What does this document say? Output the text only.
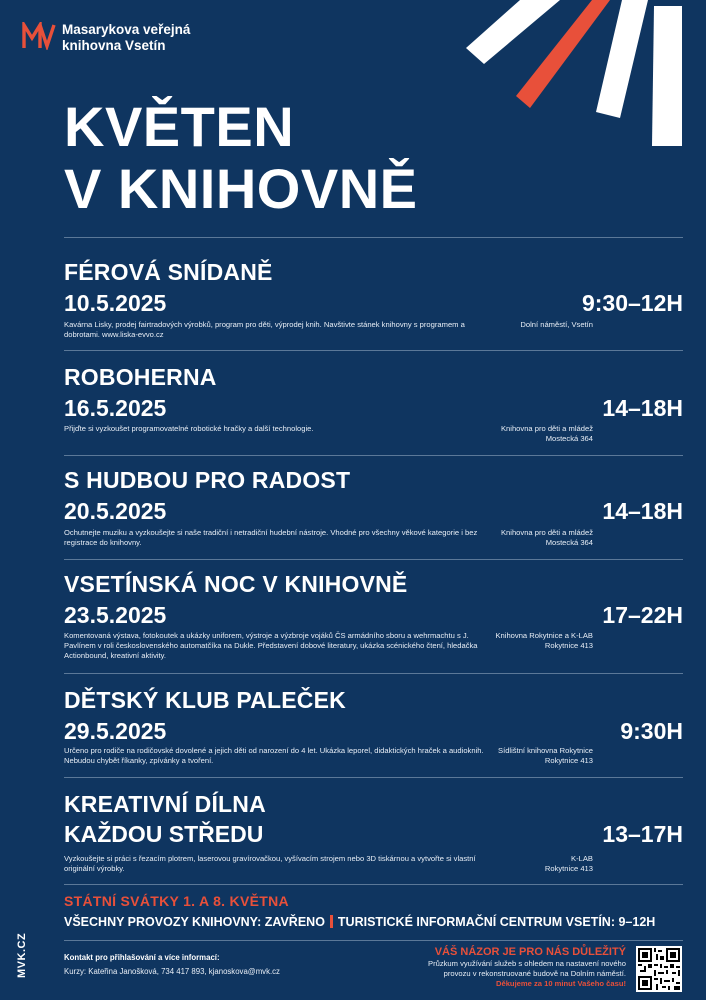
Masarykova veřejná
knihovna Vsetín
KVĚTEN
V KNIHOVNĚ
FÉROVÁ SNÍDANĚ
10.5.2025	9:30–12H
Kavárna Lisky, prodej fairtradových výrobků, program pro děti, výprodej knih. Navštivte stánek knihovny s programem a dobrotami. www.liska-evvo.cz
Dolní náměstí, Vsetín
ROBOHERNA
16.5.2025	14–18H
Přijďte si vyzkoušet programovatelné robotické hračky a další technologie.	Knihovna pro děti a mládež
Mostecká 364
S HUDBOU PRO RADOST
20.5.2025	14–18H
Ochutnejte muziku a vyzkoušejte si naše tradiční i netradiční hudební nástroje. Vhodné pro všechny věkové kategorie i bez registrace do knihovny.
Knihovna pro děti a mládež
Mostecká 364
VSETÍNSKÁ NOC V KNIHOVNĚ
23.5.2025	17–22H
Komentovaná výstava, fotokoutek a ukázky uniforem, výstroje a výzbroje vojáků ČS armádního sboru a wehrmachtu s J. Pavlínem v roli československého automatčíka na Dukle. Představení dobové literatury, ukázka scénického čtení, hledačka Actionbound, kreativní aktivity.
Knihovna Rokytnice a K-LAB
Rokytnice 413
DĚTSKÝ KLUB PALEČEK
29.5.2025	9:30H
Určeno pro rodiče na rodičovské dovolené a jejich děti od narození do 4 let. Ukázka leporel, didaktických hraček a audioknih. Nebudou chybět říkanky, zpívánky a tvoření.
Sídlištní knihovna Rokytnice
Rokytnice 413
KREATIVNÍ DÍLNA
KAŽDOU STŘEDU	13–17H
Vyzkoušejte si práci s řezacím plotrem, laserovou gravírovačkou, vyšívacím strojem nebo 3D tiskárnou a vytvořte si vlastní originální výrobky.
K-LAB
Rokytnice 413
STÁTNÍ SVÁTKY 1. A 8. KVĚTNA
VŠECHNY PROVOZY KNIHOVNY: ZAVŘENO TURISTICKÉ INFORMAČNÍ CENTRUM VSETÍN: 9–12H
MVK.CZ	Kontakt pro přihlašování a více informací:
Kurzy: Kateřina Janošková, 734 417 893, kjanoskova@mvk.cz
VÁŠ NÁZOR JE PRO NÁS DŮLEŽITÝ
Průzkum využívání služeb s ohledem na nastavení nového
provozu v rekonstruované budově na Dolním náměstí.
Děkujeme za 10 minut Vašeho času!
